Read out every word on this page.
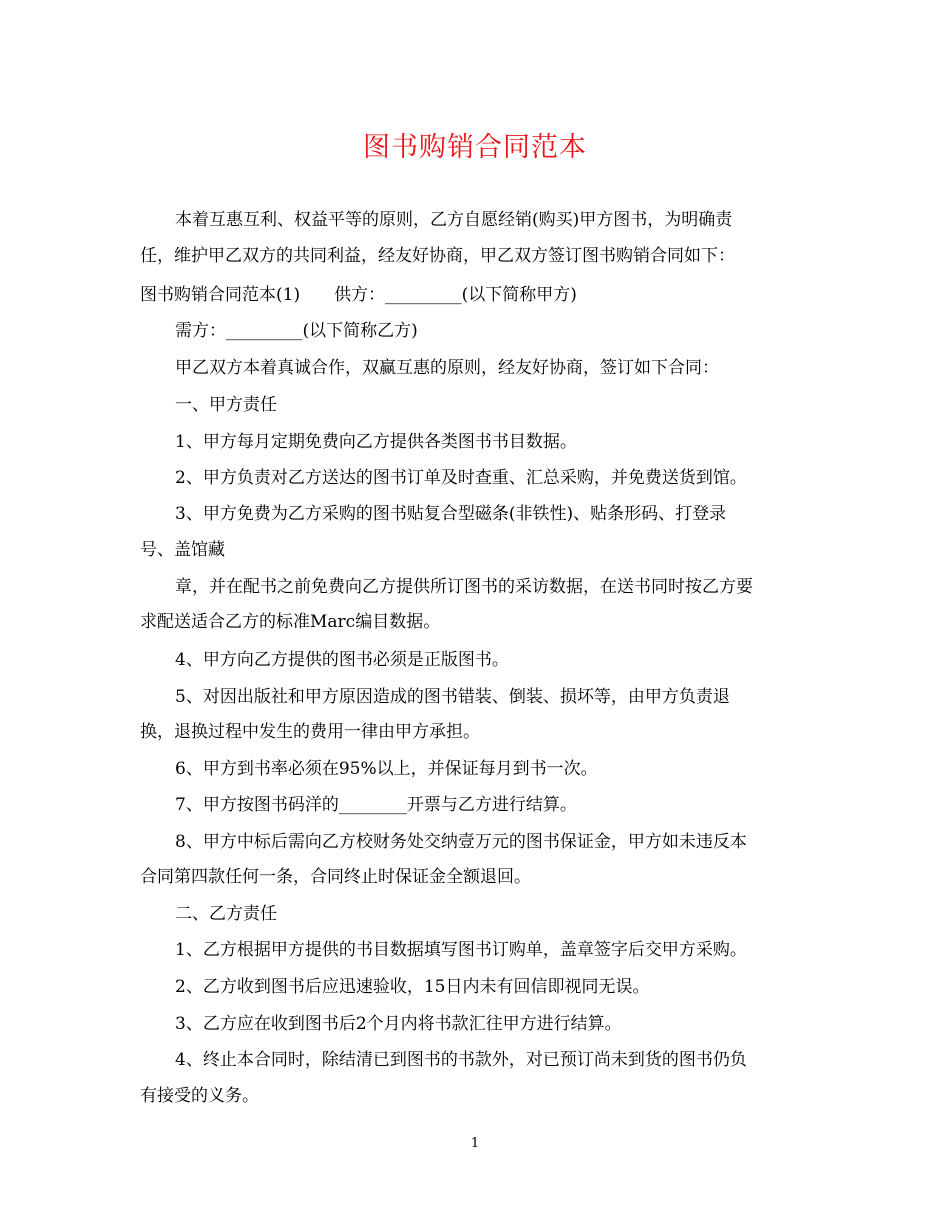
图书购销合同范本
本着互惠互利、权益平等的原则，乙方自愿经销(购买)甲方图书，为明确责
任，维护甲乙双方的共同利益，经友好协商，甲乙双方签订图书购销合同如下：
图书购销合同范本(1)　　供方：_________(以下简称甲方)
需方：_________(以下简称乙方)
甲乙双方本着真诚合作，双赢互惠的原则，经友好协商，签订如下合同：
一、甲方责任
1、甲方每月定期免费向乙方提供各类图书书目数据。
2、甲方负责对乙方送达的图书订单及时查重、汇总采购，并免费送货到馆。
3、甲方免费为乙方采购的图书贴复合型磁条(非铁性)、贴条形码、打登录
号、盖馆藏
章，并在配书之前免费向乙方提供所订图书的采访数据，在送书同时按乙方要
求配送适合乙方的标准Marc编目数据。
4、甲方向乙方提供的图书必须是正版图书。
5、对因出版社和甲方原因造成的图书错装、倒装、损坏等，由甲方负责退
换，退换过程中发生的费用一律由甲方承担。
6、甲方到书率必须在95%以上，并保证每月到书一次。
7、甲方按图书码洋的________开票与乙方进行结算。
8、甲方中标后需向乙方校财务处交纳壹万元的图书保证金，甲方如未违反本
合同第四款任何一条，合同终止时保证金全额退回。
二、乙方责任
1、乙方根据甲方提供的书目数据填写图书订购单，盖章签字后交甲方采购。
2、乙方收到图书后应迅速验收，15日内未有回信即视同无误。
3、乙方应在收到图书后2个月内将书款汇往甲方进行结算。
4、终止本合同时，除结清已到图书的书款外，对已预订尚未到货的图书仍负
有接受的义务。
1
